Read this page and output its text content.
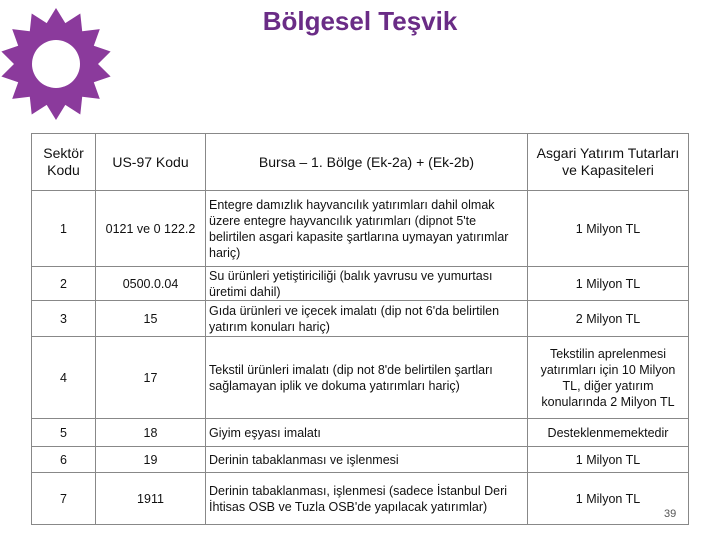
Bölgesel Teşvik
Sektör Kodu	US-97 Kodu	Bursa – 1. Bölge (Ek-2a) + (Ek-2b)	Asgari Yatırım Tutarları ve Kapasiteleri
1	0121 ve 0 122.2	Entegre damızlık hayvancılık yatırımları dahil olmak üzere entegre hayvancılık yatırımları (dipnot 5'te belirtilen asgari kapasite şartlarına uymayan yatırımlar hariç)	1 Milyon TL
2	0500.0.04	Su ürünleri yetiştiriciliği (balık yavrusu ve yumurtası üretimi dahil)	1 Milyon TL
3	15	Gıda ürünleri ve içecek imalatı (dip not 6'da belirtilen yatırım konuları hariç)	2 Milyon TL
4	17	Tekstil ürünleri imalatı (dip not 8'de belirtilen şartları sağlamayan iplik ve dokuma yatırımları hariç)	Tekstilin aprelenmesi yatırımları için 10 Milyon TL, diğer yatırım konularında 2 Milyon TL
5	18	Giyim eşyası imalatı	Desteklenmemektedir
6	19	Derinin tabaklanması ve işlenmesi	1 Milyon TL
7	1911	Derinin tabaklanması, işlenmesi (sadece İstanbul Deri İhtisas OSB ve Tuzla OSB'de yapılacak yatırımlar)	1 Milyon TL
39
